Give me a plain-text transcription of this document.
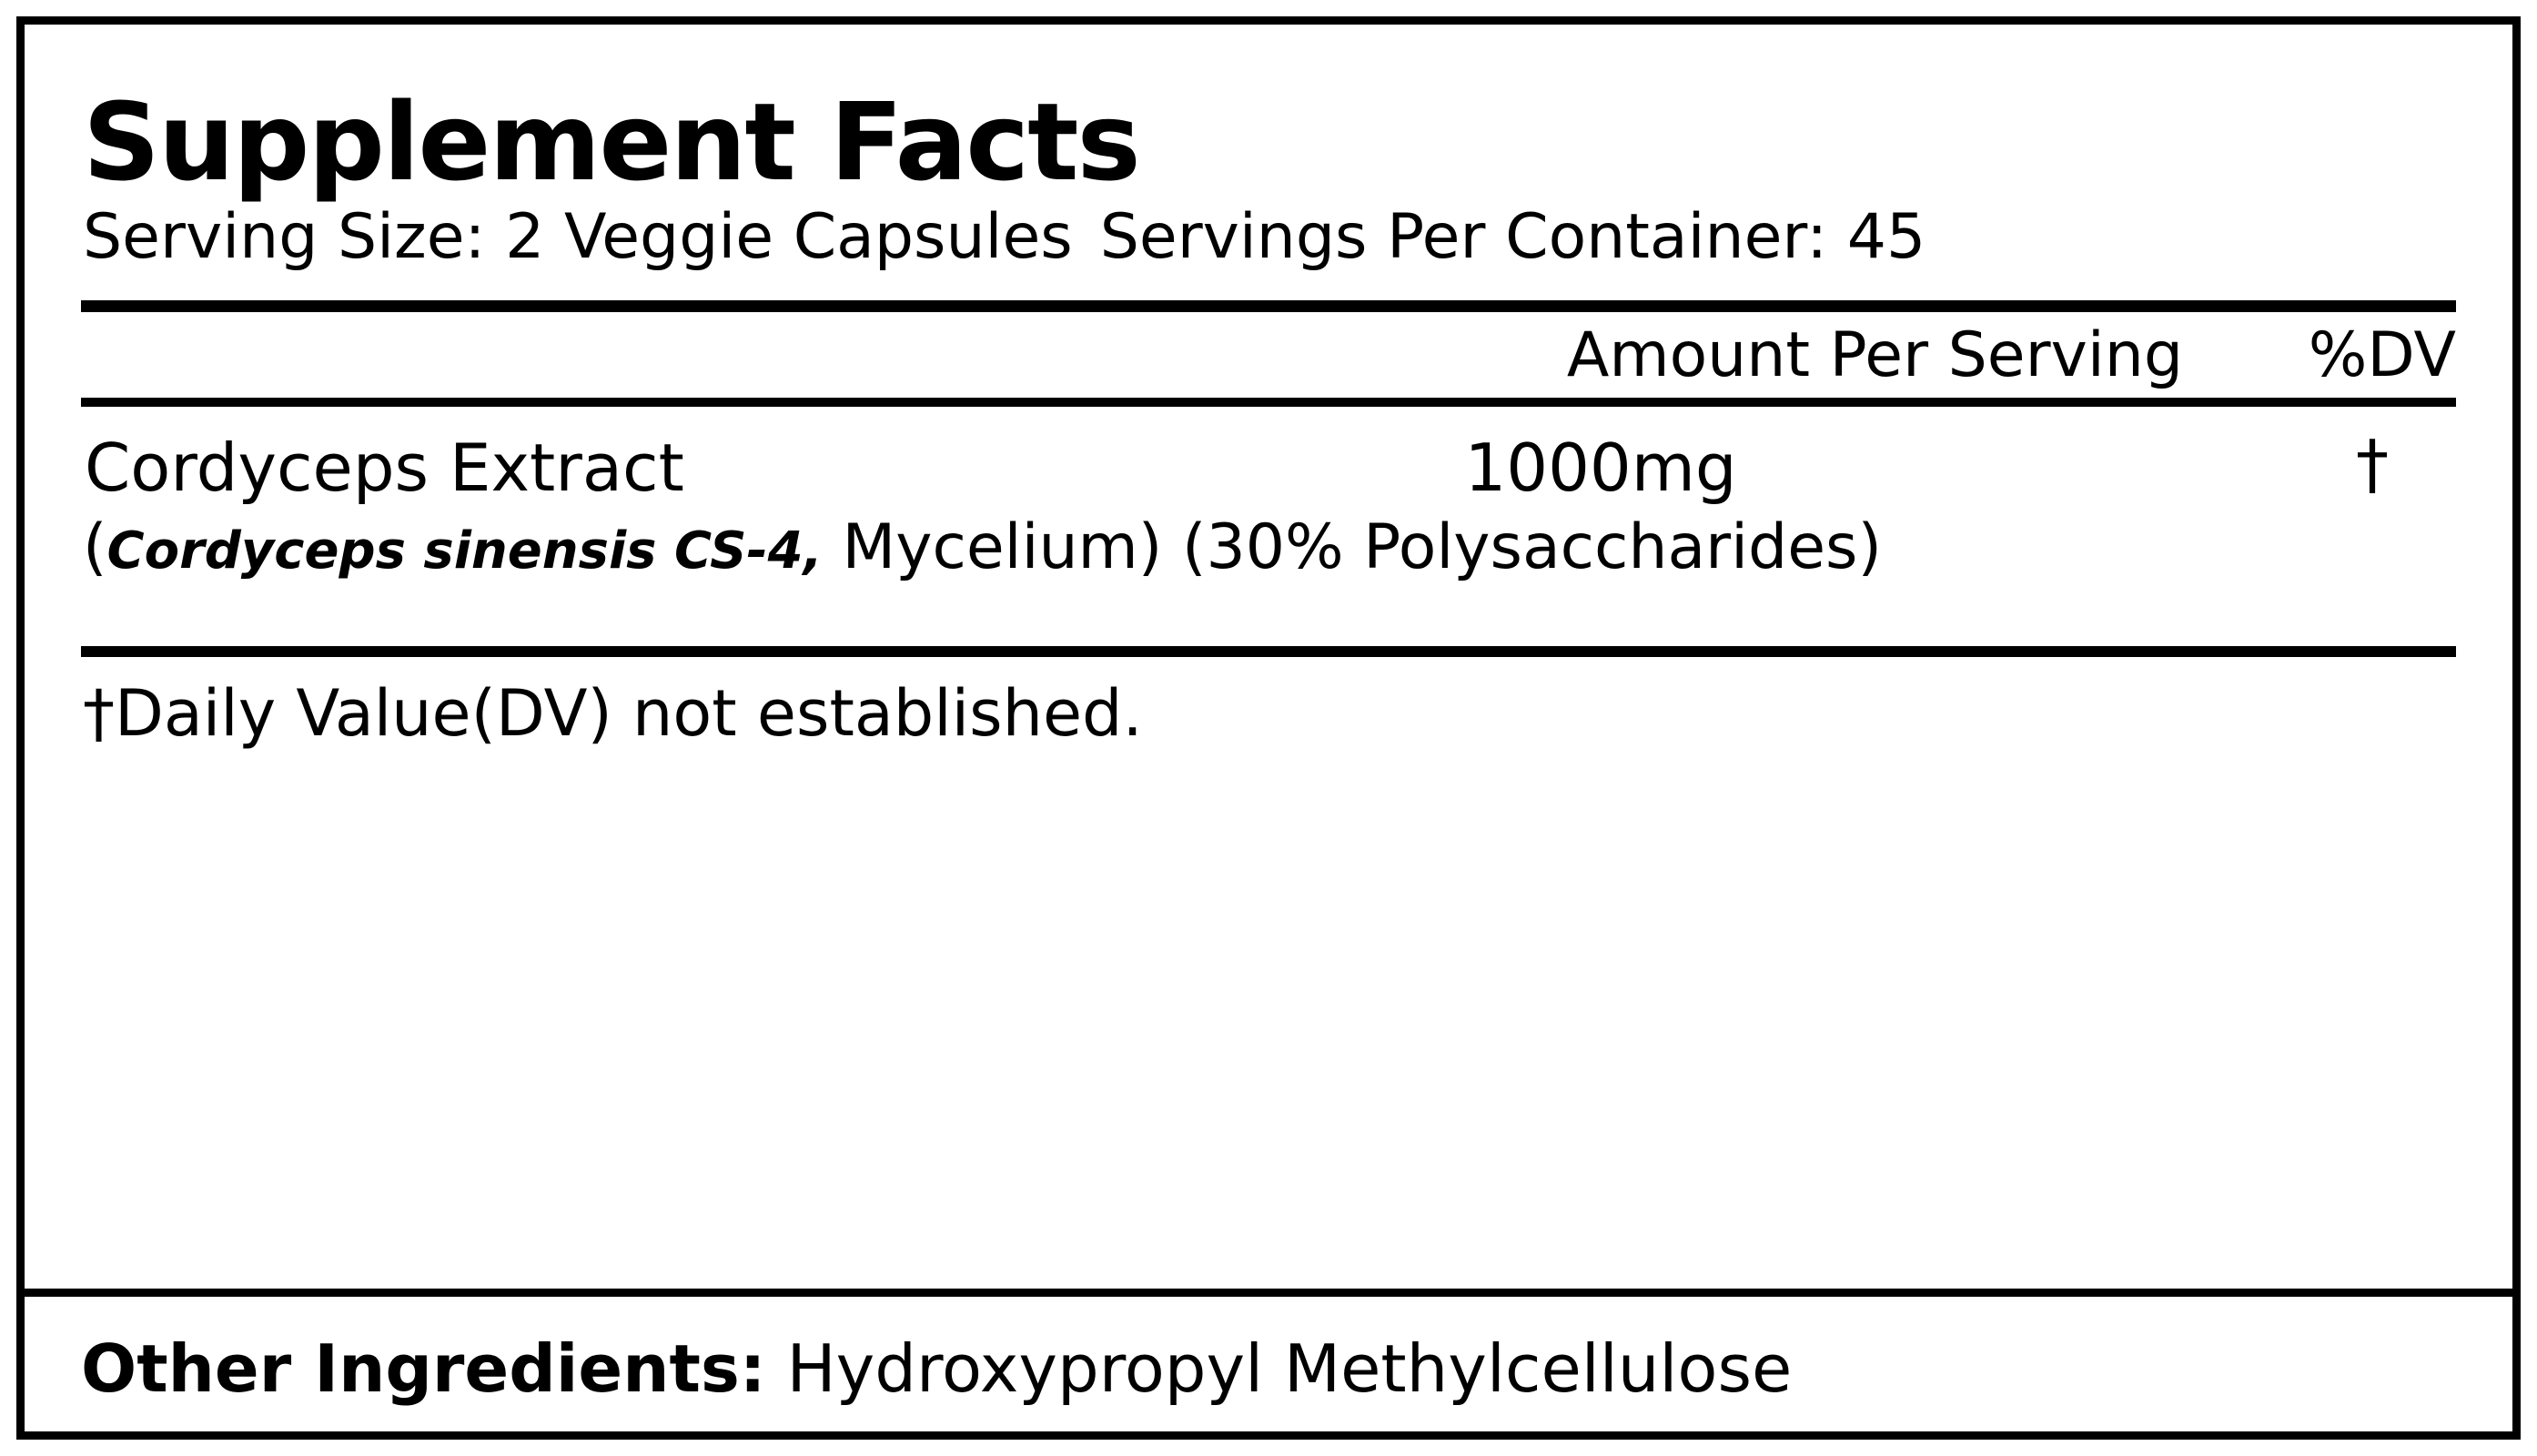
Supplement Facts
Serving Size: 2 Veggie Capsules Servings Per Container: 45
Amount Per Serving	%DV
Cordyceps Extract	1000mg	†
(Cordyceps sinensis CS-4, Mycelium) (30% Polysaccharides)
†Daily Value(DV) not established.
Other Ingredients: Hydroxypropyl Methylcellulose
